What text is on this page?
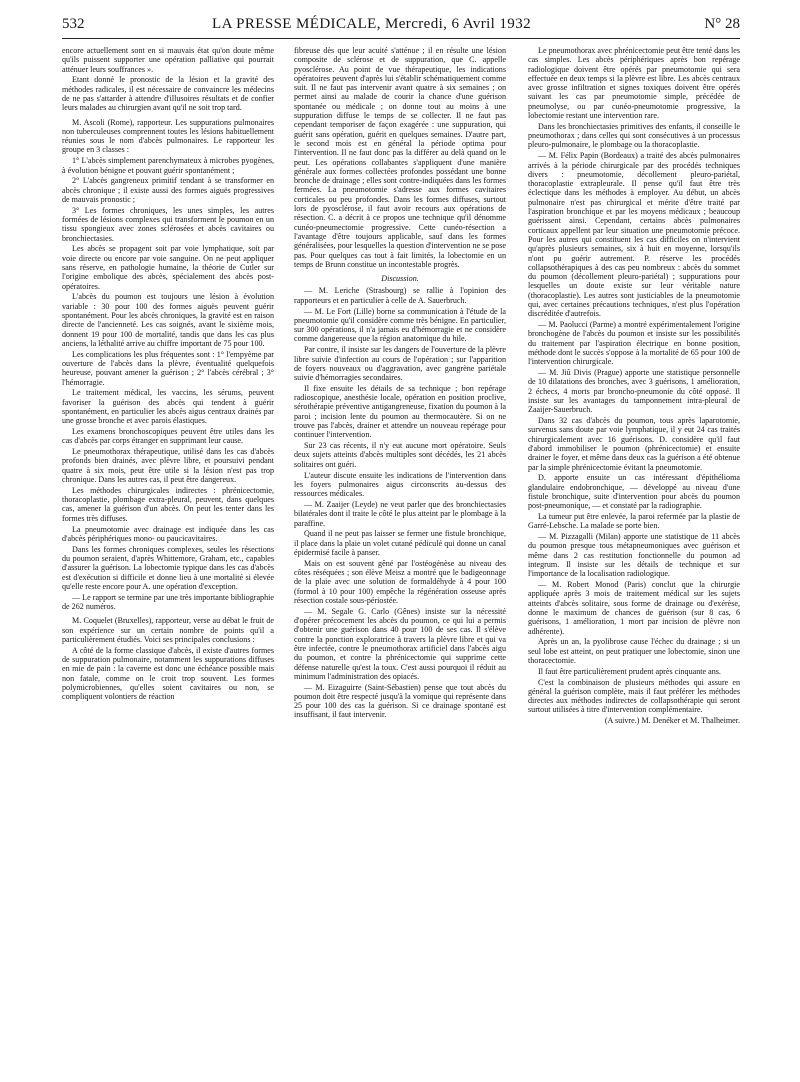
532	LA PRESSE MÉDICALE, Mercredi, 6 Avril 1932	N° 28

encore actuellement sont en si mauvais état qu'on doute même qu'ils puissent supporter une opération palliative qui pourrait atténuer leurs souffrances ».

Etant donné le pronostic de la lésion et la gravité des méthodes radicales, il est nécessaire de convaincre les médecins de ne pas s'attarder à attendre d'illusoires résultats et de confier leurs malades au chirurgien avant qu'il ne soit trop tard.

M. Ascoli (Rome), rapporteur. Les suppurations pulmonaires non tuberculeuses comprennent toutes les lésions habituellement réunies sous le nom d'abcès pulmonaires. Le rapporteur les groupe en 3 classes :

1° L'abcès simplement parenchymateux à microbes pyogènes, à évolution bénigne et pouvant guérir spontanément ;

2° L'abcès gangreneux primitif tendant à se transformer en abcès chronique ; il existe aussi des formes aiguës progressives de mauvais pronostic ;

3° Les formes chroniques, les unes simples, les autres formées de lésions complexes qui transforment le poumon en un tissu spongieux avec zones sclérosées et abcès cavitaires ou bronchiectasies.

Les abcès se propagent soit par voie lymphatique, soit par voie directe ou encore par voie sanguine. On ne peut appliquer sans réserve, en pathologie humaine, la théorie de Cutler sur l'origine embolique des abcès, spécialement des abcès post-opératoires.

L'abcès du poumon est toujours une lésion à évolution variable : 30 pour 100 des formes aiguës peuvent guérir spontanément. Pour les abcès chroniques, la gravité est en raison directe de l'ancienneté. Les cas soignés, avant le sixième mois, donnent 19 pour 100 de mortalité, tandis que dans les cas plus anciens, la léthalité arrive au chiffre important de 75 pour 100.

Les complications les plus fréquentes sont : 1° l'empyème par ouverture de l'abcès dans la plèvre, éventualité quelquefois heureuse, pouvant amener la guérison ; 2° l'abcès cérébral ; 3° l'hémorragie.

Le traitement médical, les vaccins, les sérums, peuvent favoriser la guérison des abcès qui tendent à guérir spontanément, en particulier les abcès aigus centraux drainés par une grosse bronche et avec parois élastiques.

Les examens bronchoscopiques peuvent être utiles dans les cas d'abcès par corps étranger en supprimant leur cause.

Le pneumothorax thérapeutique, utilisé dans les cas d'abcès profonds bien drainés, avec plèvre libre, et poursuivi pendant quatre à six mois, peut être utile si la lésion n'est pas trop chronique. Dans les autres cas, il peut être dangereux.

Les méthodes chirurgicales indirectes : phrénicectomie, thoracoplastie, plombage extra-pleural, peuvent, dans quelques cas, amener la guérison d'un abcès. On peut les tenter dans les formes très diffuses.

La pneumotomie avec drainage est indiquée dans les cas d'abcès périphériques mono- ou paucicavitaires.

Dans les formes chroniques complexes, seules les résections du poumon seraient, d'après Whittemore, Graham, etc., capables d'assurer la guérison. La lobectomie typique dans les cas d'abcès est d'exécution si difficile et donne lieu à une mortalité si élevée qu'elle reste encore pour A. une opération d'exception.

— Le rapport se termine par une très importante bibliographie de 262 numéros.

M. Coquelet (Bruxelles), rapporteur, verse au débat le fruit de son expérience sur un certain nombre de points qu'il a particulièrement étudiés. Voici ses principales conclusions :

A côté de la forme classique d'abcès, il existe d'autres formes de suppuration pulmonaire, notamment les suppurations diffuses en mie de pain : la caverne est donc une échéance possible mais non fatale, comme on le croit trop souvent. Les formes polymicrobiennes, qu'elles soient cavitaires ou non, se compliquent volontiers de réaction

fibreuse dès que leur acuité s'atténue ; il en résulte une lésion composite de sclérose et de suppuration, que C. appelle pyosclérose. Au point de vue thérapeutique, les indications opératoires peuvent d'après lui s'établir schématiquement comme suit. Il ne faut pas intervenir avant quatre à six semaines ; on permet ainsi au malade de courir la chance d'une guérison spontanée ou médicale ; on donne tout au moins à une suppuration diffuse le temps de se collecter. Il ne faut pas cependant temporiser de façon exagérée : une suppuration, qui guérit sans opération, guérit en quelques semaines. D'autre part, le second mois est en général la période optima pour l'intervention. Il ne faut donc pas la différer au delà quand on le peut. Les opérations collabantes s'appliquent d'une manière générale aux formes collectées profondes possédant une bonne bronche de drainage ; elles sont contre-indiquées dans les formes fermées. La pneumotomie s'adresse aux formes cavitaires corticales ou peu profondes. Dans les formes diffuses, surtout lors de pyosclérose, il faut avoir recours aux opérations de résection. C. a décrit à ce propos une technique qu'il dénomme cunéo-pneumectomie progressive. Cette cunéo-résection a l'avantage d'être toujours applicable, sauf dans les formes généralisées, pour lesquelles la question d'intervention ne se pose pas. Pour quelques cas tout à fait limités, la lobectomie en un temps de Brunn constitue un incontestable progrès.

Discussion.

— M. Leriche (Strasbourg) se rallie à l'opinion des rapporteurs et en particulier à celle de A. Sauerbruch.

— M. Le Fort (Lille) borne sa communication à l'étude de la pneumotomie qu'il considère comme très bénigne. En particulier, sur 300 opérations, il n'a jamais eu d'hémorragie et ne considère comme dangereuse que la région anatomique du hile.

Par contre, il insiste sur les dangers de l'ouverture de la plèvre libre suivie d'infection au cours de l'opération ; sur l'apparition de foyers nouveaux ou d'aggravation, avec gangrène pariétale suivie d'hémorragies secondaires.

Il fixe ensuite les détails de sa technique ; bon repérage radioscopique, anesthésie locale, opération en position proclive, sérothérapie préventive antigangreneuse, fixation du poumon à la paroi ; incision lente du poumon au thermocautère. Si on ne trouve pas l'abcès, drainer et attendre un nouveau repérage pour continuer l'intervention.

Sur 23 cas récents, il n'y eut aucune mort opératoire. Seuls deux sujets atteints d'abcès multiples sont décédés, les 21 abcès solitaires ont guéri.

L'auteur discute ensuite les indications de l'intervention dans les foyers pulmonaires aigus circonscrits au-dessus des ressources médicales.

— M. Zaaijer (Leyde) ne veut parler que des bronchiectasies bilatérales dont il traite le côté le plus atteint par le plombage à la paraffine.

Quand il ne peut pas laisser se fermer une fistule bronchique, il place dans la plaie un volet cutané pédiculé qui donne un canal épidermisé facile à panser.

Mais on est souvent gêné par l'ostéogénèse au niveau des côtes réséquées ; son élève Meisz a montré que le badigeonnage de la plaie avec une solution de formaldéhyde à 4 pour 100 (formol à 10 pour 100) empêche la régénération osseuse après résection costale sous-périostée.

— M. Segale G. Carlo (Gênes) insiste sur la nécessité d'opérer précocement les abcès du poumon, ce qui lui a permis d'obtenir une guérison dans 40 pour 100 de ses cas. Il s'élève contre la ponction exploratrice à travers la plèvre libre et qui va être infectée, contre le pneumothorax artificiel dans l'abcès aigu du poumon, et contre la phrénicectomie qui supprime cette défense naturelle qu'est la toux. C'est aussi pourquoi il réduit au minimum l'administration des opiacés.

— M. Eizaguirre (Saint-Sébastien) pense que tout abcès du poumon doit être respecté jusqu'à la vomique qui représente dans 25 pour 100 des cas la guérison. Si ce drainage spontané est insuffisant, il faut intervenir.

Le pneumothorax avec phrénicectomie peut être tenté dans les cas simples. Les abcès périphériques après bon repérage radiologique doivent être opérés par pneumotomie qui sera effectuée en deux temps si la plèvre est libre. Les abcès centraux avec grosse infiltration et signes toxiques doivent être opérés suivant les cas par pneumotomie simple, précédée de pneumolyse, ou par cunéo-pneumotomie progressive, la lobectomie restant une intervention rare.

Dans les bronchiectasies primitives des enfants, il conseille le pneumothorax ; dans celles qui sont consécutives à un processus pleuro-pulmonaire, le plombage ou la thoracoplastie.

— M. Félix Papin (Bordeaux) a traité des abcès pulmonaires arrivés à la période chirurgicale par des procédés techniques divers : pneumotomie, décollement pleuro-pariétal, thoracoplastie extrapleurale. Il pense qu'il faut être très éclectique dans les méthodes à employer. Au début, un abcès pulmonaire n'est pas chirurgical et mérite d'être traité par l'aspiration bronchique et par les moyens médicaux ; beaucoup guérissent ainsi. Cependant, certains abcès pulmonaires corticaux appellent par leur situation une pneumotomie précoce. Pour les autres qui constituent les cas difficiles on n'intervient qu'après plusieurs semaines, six à huit en moyenne, lorsqu'ils n'ont pu guérir autrement. P. réserve les procédés collapsothérapiques à des cas peu nombreux : abcès du sommet du poumon (décollement pleuro-pariétal) ; suppurations pour lesquelles un doute existe sur leur véritable nature (thoracoplastie). Les autres sont justiciables de la pneumotomie qui, avec certaines précautions techniques, n'est plus l'opération discréditée d'autrefois.

— M. Paolucci (Parme) a montré expérimentalement l'origine bronchogène de l'abcès du poumon et insiste sur les possibilités du traitement par l'aspiration électrique en bonne position, méthode dont le succès s'oppose à la mortalité de 65 pour 100 de l'intervention chirurgicale.

— M. Jiû Divis (Prague) apporte une statistique personnelle de 10 dilatations des bronches, avec 3 guérisons, 1 amélioration, 2 échecs, 4 morts par broncho-pneumonie du côté opposé. Il insiste sur les avantages du tamponnement intra-pleural de Zaaijer-Sauerbruch.

Dans 32 cas d'abcès du poumon, tous après laparotomie, survenus sans doute par voie lymphatique, il y eut 24 cas traités chirurgicalement avec 16 guérisons. D. considère qu'il faut d'abord immobiliser le poumon (phrénicectomie) et ensuite drainer le foyer, et même dans deux cas la guérison a été obtenue par la simple phrénicectomie évitant la pneumotomie.

D. apporte ensuite un cas intéressant d'épithélioma glandulaire endobronchique, — développé au niveau d'une fistule bronchique, suite d'intervention pour abcès du poumon post-pneumonique, — et constaté par la radiographie.

La tumeur put être enlevée, la paroi refermée par la plastie de Garré-Lebsche. La malade se porte bien.

— M. Pizzagalli (Milan) apporte une statistique de 11 abcès du poumon presque tous métapneumoniques avec guérison et même dans 2 cas restitution fonctionnelle du poumon ad integrum. Il insiste sur les détails de technique et sur l'importance de la localisation radiologique.

— M. Robert Monod (Paris) conclut que la chirurgie appliquée après 3 mois de traitement médical sur les sujets atteints d'abcès solitaire, sous forme de drainage ou d'exérèse, donne le maximum de chances de guérison (sur 8 cas, 6 guérisons, 1 amélioration, 1 mort par incision de plèvre non adhérente).

Après un an, la pyolibrose cause l'échec du drainage ; si un seul lobe est atteint, on peut pratiquer une lobectomie, sinon une thoracectomie.

Il faut être particulièrement prudent après cinquante ans.

C'est la combinaison de plusieurs méthodes qui assure en général la guérison complète, mais il faut préférer les méthodes directes aux méthodes indirectes de collapsothérapie qui seront surtout utilisées à titre d'intervention complémentaire.

(A suivre.) M. Denéker et M. Thalheimer.
